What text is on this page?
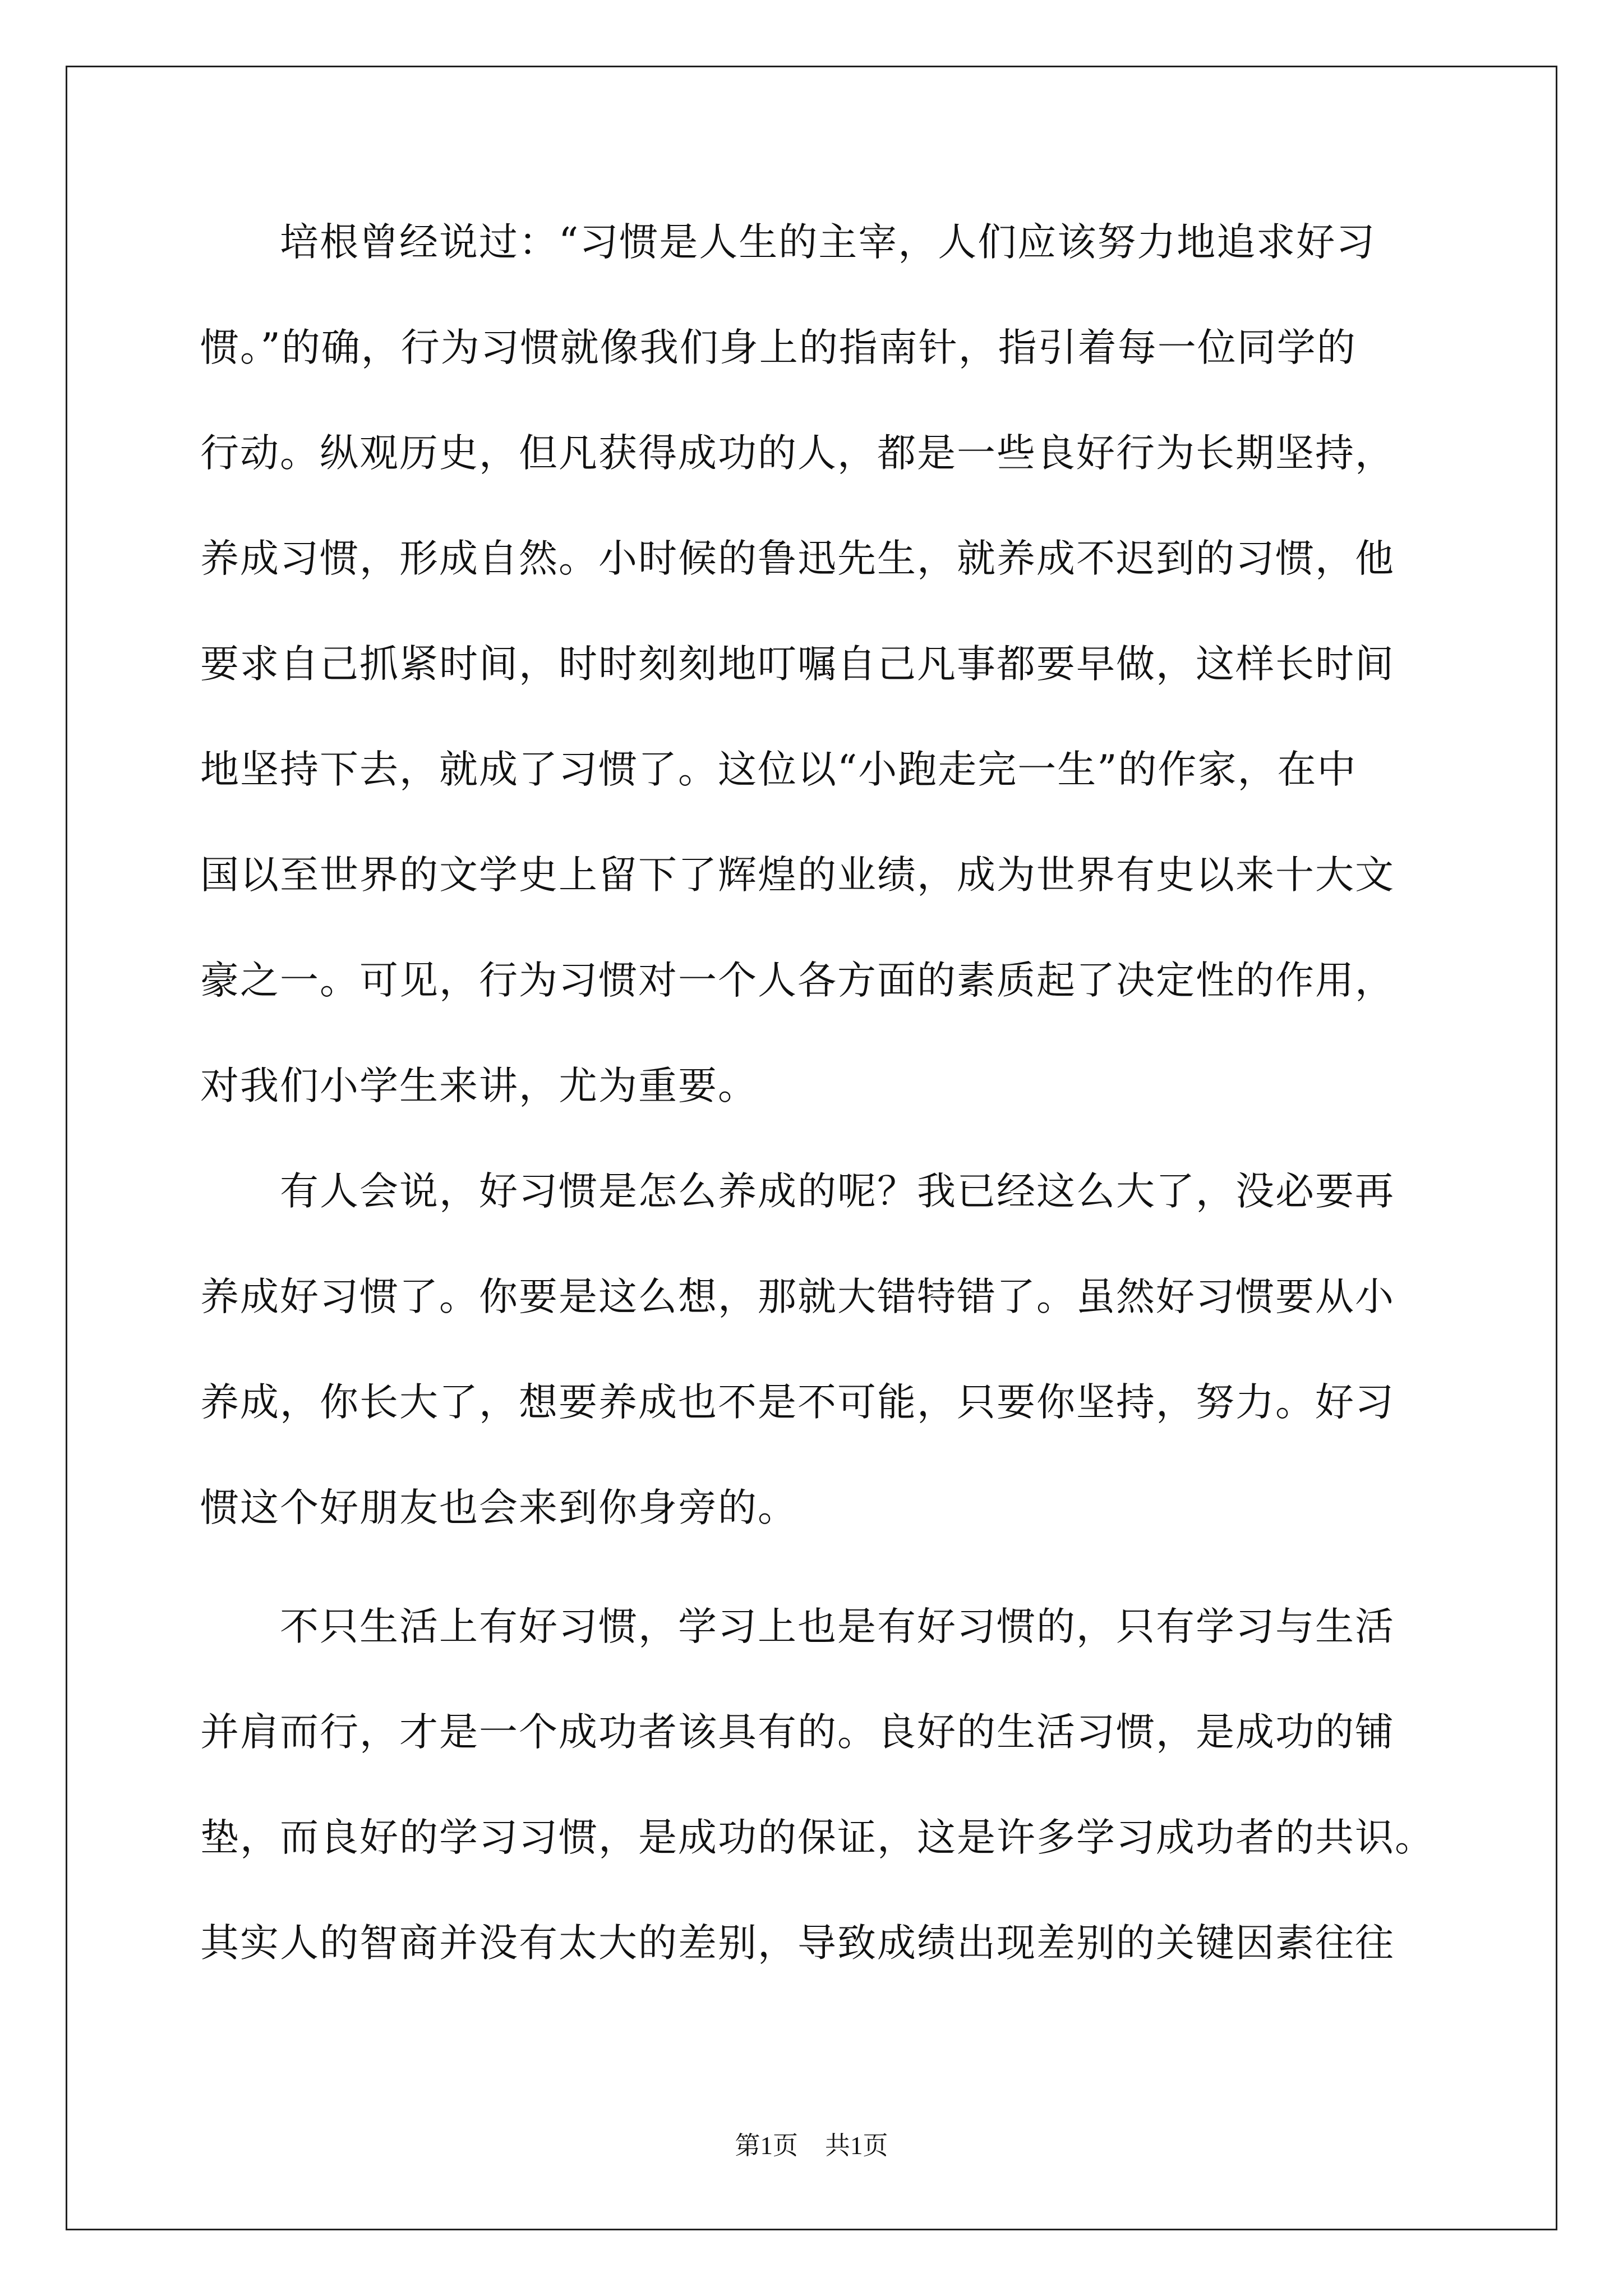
培根曾经说过：“习惯是人生的主宰，人们应该努力地追求好习
惯。”的确，行为习惯就像我们身上的指南针，指引着每一位同学的
行动。纵观历史，但凡获得成功的人，都是一些良好行为长期坚持，
养成习惯，形成自然。小时候的鲁迅先生，就养成不迟到的习惯，他
要求自己抓紧时间，时时刻刻地叮嘱自己凡事都要早做，这样长时间
地坚持下去，就成了习惯了。这位以“小跑走完一生”的作家，在中
国以至世界的文学史上留下了辉煌的业绩，成为世界有史以来十大文
豪之一。可见，行为习惯对一个人各方面的素质起了决定性的作用，
对我们小学生来讲，尤为重要。
有人会说，好习惯是怎么养成的呢？我已经这么大了，没必要再
养成好习惯了。你要是这么想，那就大错特错了。虽然好习惯要从小
养成，你长大了，想要养成也不是不可能，只要你坚持，努力。好习
惯这个好朋友也会来到你身旁的。
不只生活上有好习惯，学习上也是有好习惯的，只有学习与生活
并肩而行，才是一个成功者该具有的。良好的生活习惯，是成功的铺
垫，而良好的学习习惯，是成功的保证，这是许多学习成功者的共识。
其实人的智商并没有太大的差别，导致成绩出现差别的关键因素往往
第1页 共1页
